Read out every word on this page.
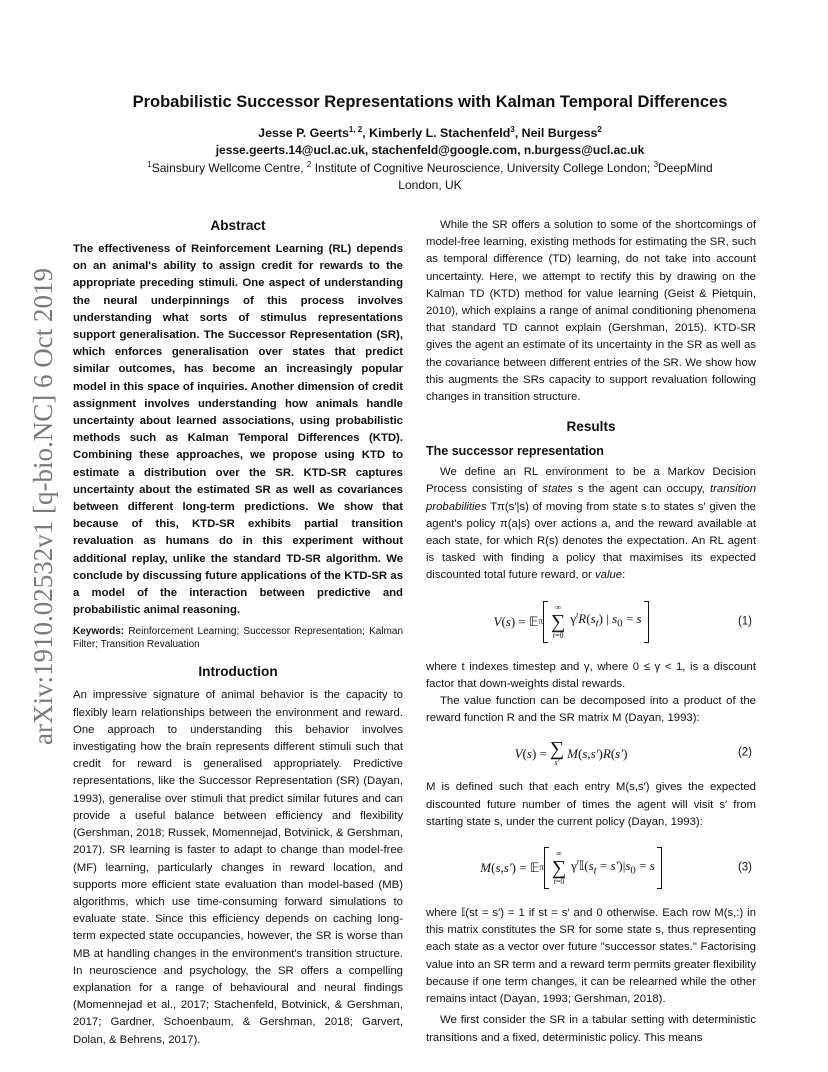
arXiv:1910.02532v1 [q-bio.NC] 6 Oct 2019
Probabilistic Successor Representations with Kalman Temporal Differences
Jesse P. Geerts$^{1, 2}$, Kimberly L. Stachenfeld$^3$, Neil Burgess$^2$
jesse.geerts.14@ucl.ac.uk, stachenfeld@google.com, n.burgess@ucl.ac.uk
$^1$Sainsbury Wellcome Centre, $^2$ Institute of Cognitive Neuroscience, University College London; $^3$DeepMind
London, UK
Abstract

The effectiveness of Reinforcement Learning (RL) depends on an animal's ability to assign credit for rewards to the appropriate preceding stimuli. One aspect of understanding the neural underpinnings of this process involves understanding what sorts of stimulus representations support generalisation. The Successor Representation (SR), which enforces generalisation over states that predict similar outcomes, has become an increasingly popular model in this space of inquiries. Another dimension of credit assignment involves understanding how animals handle uncertainty about learned associations, using probabilistic methods such as Kalman Temporal Differences (KTD). Combining these approaches, we propose using KTD to estimate a distribution over the SR. KTD-SR captures uncertainty about the estimated SR as well as covariances between different long-term predictions. We show that because of this, KTD-SR exhibits partial transition revaluation as humans do in this experiment without additional replay, unlike the standard TD-SR algorithm. We conclude by discussing future applications of the KTD-SR as a model of the interaction between predictive and probabilistic animal reasoning.

Keywords: Reinforcement Learning; Successor Representation; Kalman Filter; Transition Revaluation

Introduction

An impressive signature of animal behavior is the capacity to flexibly learn relationships between the environment and reward. One approach to understanding this behavior involves investigating how the brain represents different stimuli such that credit for reward is generalised appropriately. Predictive representations, like the Successor Representation (SR) (Dayan, 1993), generalise over stimuli that predict similar futures and can provide a useful balance between efficiency and flexibility (Gershman, 2018; Russek, Momennejad, Botvinick, & Gershman, 2017). SR learning is faster to adapt to change than model-free (MF) learning, particularly changes in reward location, and supports more efficient state evaluation than model-based (MB) algorithms, which use time-consuming forward simulations to evaluate state. Since this efficiency depends on caching long-term expected state occupancies, however, the SR is worse than MB at handling changes in the environment's transition structure. In neuroscience and psychology, the SR offers a compelling explanation for a range of behavioural and neural findings (Momennejad et al., 2017; Stachenfeld, Botvinick, & Gershman, 2017; Gardner, Schoenbaum, & Gershman, 2018; Garvert, Dolan, & Behrens, 2017).

While the SR offers a solution to some of the shortcomings of model-free learning, existing methods for estimating the SR, such as temporal difference (TD) learning, do not take into account uncertainty. Here, we attempt to rectify this by drawing on the Kalman TD (KTD) method for value learning (Geist & Pietquin, 2010), which explains a range of animal conditioning phenomena that standard TD cannot explain (Gershman, 2015). KTD-SR gives the agent an estimate of its uncertainty in the SR as well as the covariance between different entries of the SR. We show how this augments the SRs capacity to support revaluation following changes in transition structure.

Results
The successor representation

We define an RL environment to be a Markov Decision Process consisting of states s the agent can occupy, transition probabilities Tπ(s′|s) of moving from state s to states s′ given the agent's policy π(a|s) over actions a, and the reward available at each state, for which R(s) denotes the expectation. An RL agent is tasked with finding a policy that maximises its expected discounted total future reward, or value:

V ( s ) = 𝔼 π
∞
∑
t=0
$\gamma^tR(s_t)$ | $s_0 = s$	(1)

where t indexes timestep and γ, where 0 ≤ γ < 1, is a discount factor that down-weights distal rewards.

The value function can be decomposed into a product of the reward function R and the SR matrix M (Dayan, 1993):

V ( s ) = ∑
s′
M ( s , s′ ) R ( s′ )	(2)

M is defined such that each entry M(s,s′) gives the expected discounted future number of times the agent will visit s′ from starting state s, under the current policy (Dayan, 1993):

M ( s , s′ ) = 𝔼 π
∞
∑
t=0
$\gamma^t𝕀(s_t = s')|s_0 = s$	(3)

where 𝕀(st = s′) = 1 if st = s′ and 0 otherwise. Each row M(s,:) in this matrix constitutes the SR for some state s, thus representing each state as a vector over future "successor states." Factorising value into an SR term and a reward term permits greater flexibility because if one term changes, it can be relearned while the other remains intact (Dayan, 1993; Gershman, 2018).

We first consider the SR in a tabular setting with deterministic transitions and a fixed, deterministic policy. This means
